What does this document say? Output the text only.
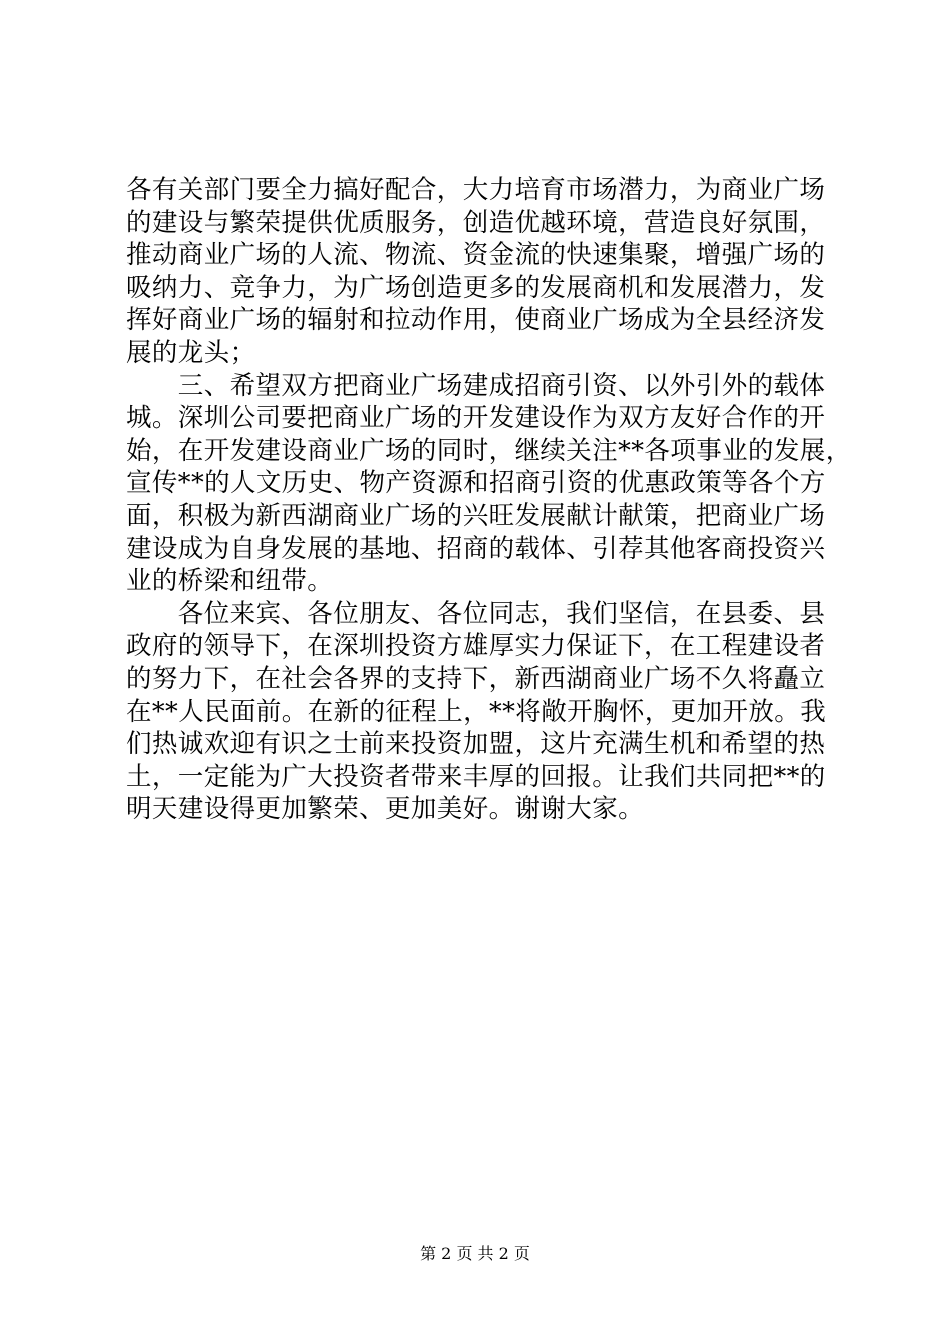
各有关部门要全力搞好配合，大力培育市场潜力，为商业广场
的建设与繁荣提供优质服务，创造优越环境，营造良好氛围，
推动商业广场的人流、物流、资金流的快速集聚，增强广场的
吸纳力、竞争力，为广场创造更多的发展商机和发展潜力，发
挥好商业广场的辐射和拉动作用，使商业广场成为全县经济发
展的龙头；
　　三、希望双方把商业广场建成招商引资、以外引外的载体
城。深圳公司要把商业广场的开发建设作为双方友好合作的开
始，在开发建设商业广场的同时，继续关注**各项事业的发展，
宣传**的人文历史、物产资源和招商引资的优惠政策等各个方
面，积极为新西湖商业广场的兴旺发展献计献策，把商业广场
建设成为自身发展的基地、招商的载体、引荐其他客商投资兴
业的桥梁和纽带。
　　各位来宾、各位朋友、各位同志，我们坚信，在县委、县
政府的领导下，在深圳投资方雄厚实力保证下，在工程建设者
的努力下，在社会各界的支持下，新西湖商业广场不久将矗立
在**人民面前。在新的征程上，**将敞开胸怀，更加开放。我
们热诚欢迎有识之士前来投资加盟，这片充满生机和希望的热
土，一定能为广大投资者带来丰厚的回报。让我们共同把**的
明天建设得更加繁荣、更加美好。谢谢大家。
第 2 页 共 2 页
